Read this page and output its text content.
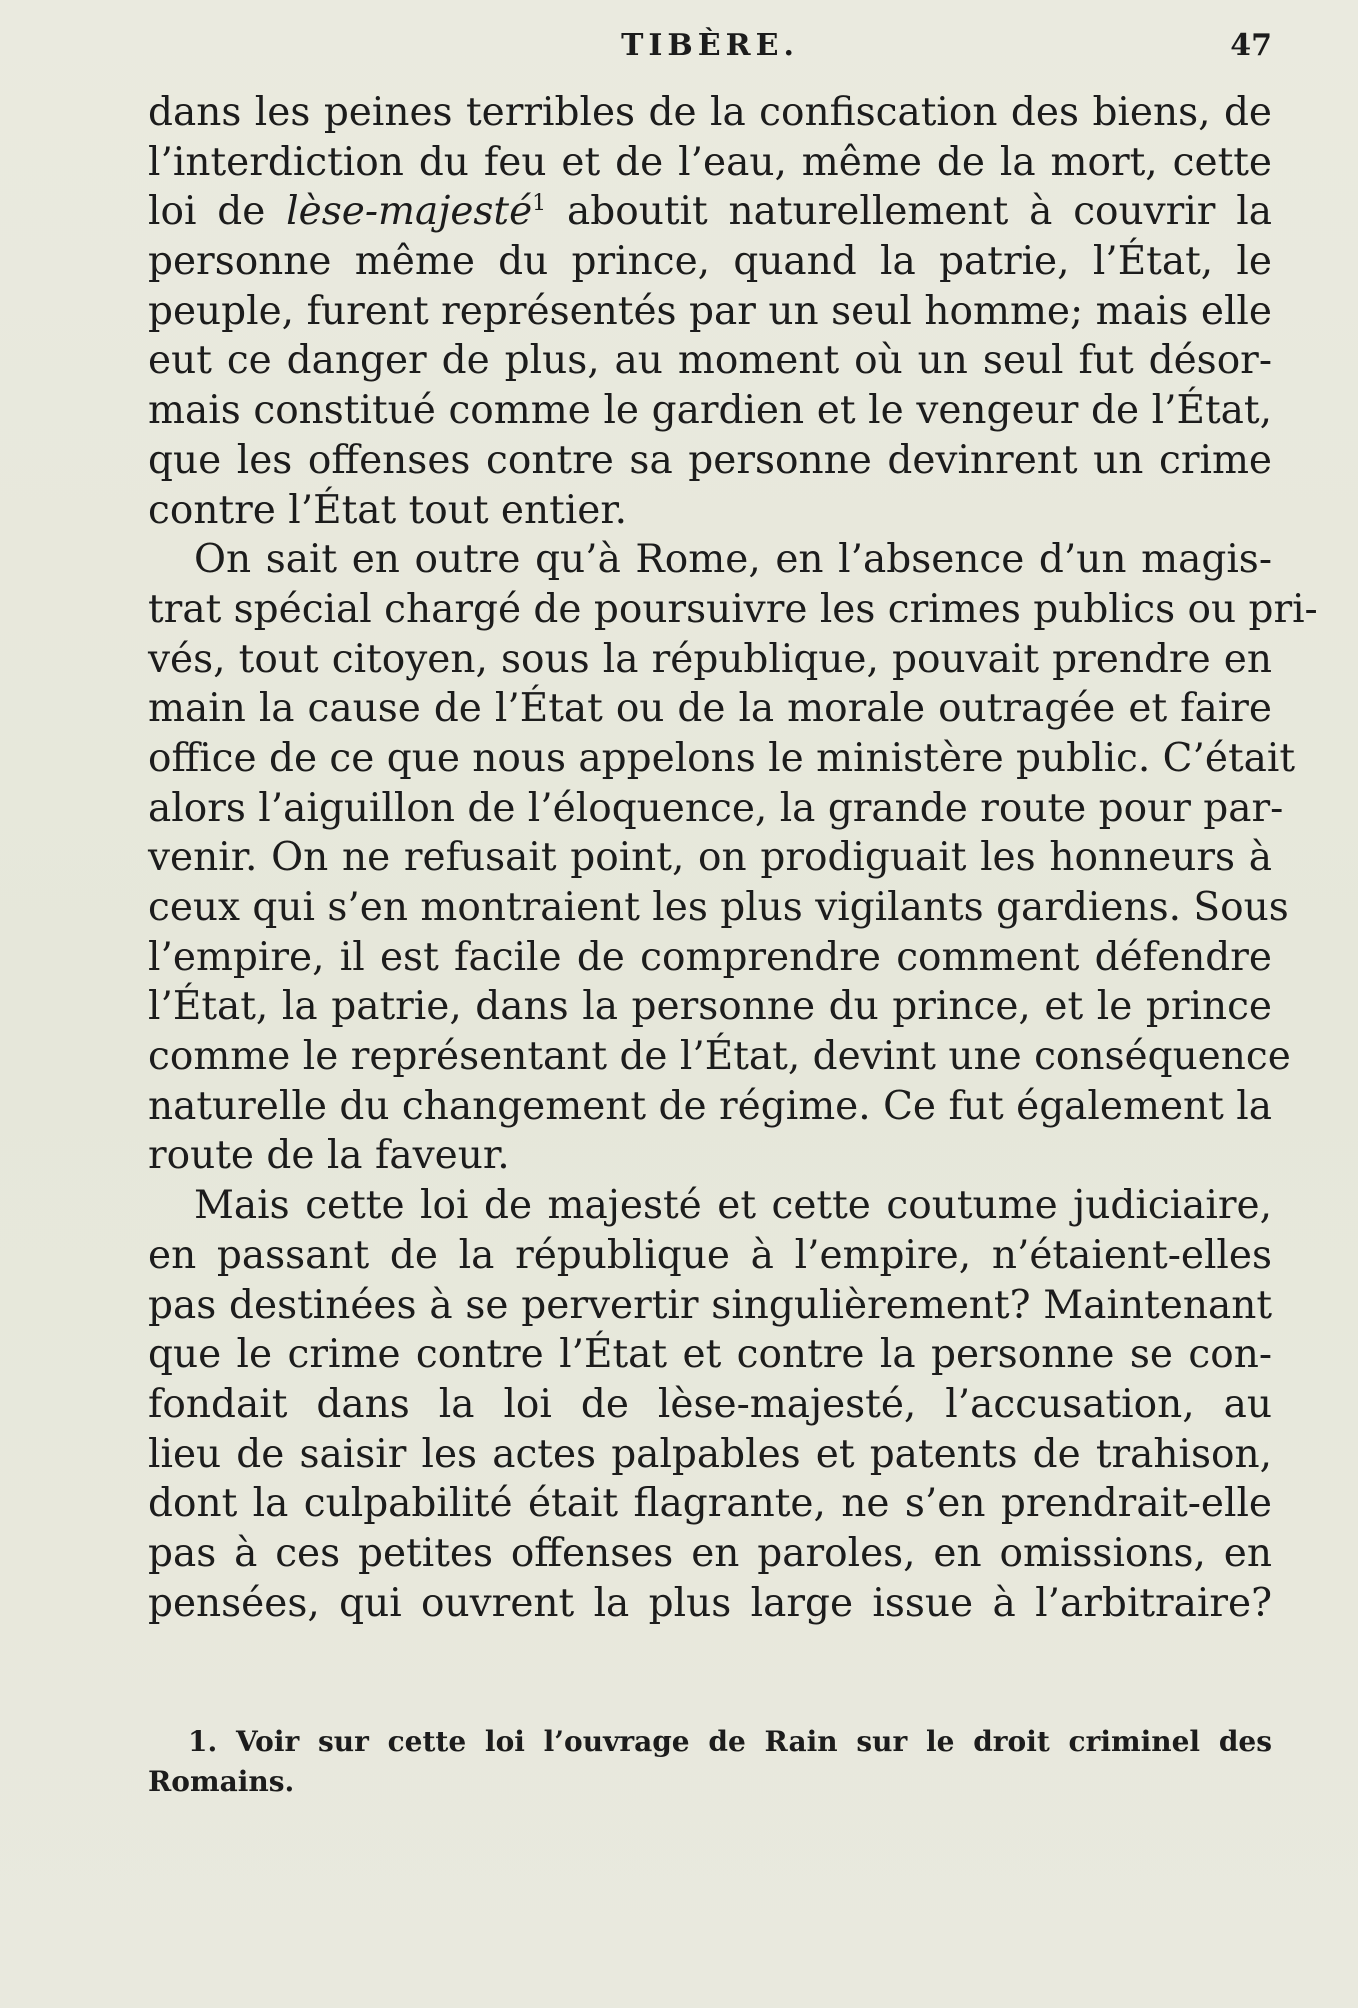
TIBÈRE.	47
dans les peines terribles de la confiscation des biens, de
l’interdiction du feu et de l’eau, même de la mort, cette
loi de lèse-majesté$^1$ aboutit naturellement à couvrir la
personne même du prince, quand la patrie, l’État, le
peuple, furent représentés par un seul homme; mais elle
eut ce danger de plus, au moment où un seul fut désor-
mais constitué comme le gardien et le vengeur de l’État,
que les offenses contre sa personne devinrent un crime
contre l’État tout entier.
On sait en outre qu’à Rome, en l’absence d’un magis-
trat spécial chargé de poursuivre les crimes publics ou pri-
vés, tout citoyen, sous la république, pouvait prendre en
main la cause de l’État ou de la morale outragée et faire
office de ce que nous appelons le ministère public. C’était
alors l’aiguillon de l’éloquence, la grande route pour par-
venir. On ne refusait point, on prodiguait les honneurs à
ceux qui s’en montraient les plus vigilants gardiens. Sous
l’empire, il est facile de comprendre comment défendre
l’État, la patrie, dans la personne du prince, et le prince
comme le représentant de l’État, devint une conséquence
naturelle du changement de régime. Ce fut également la
route de la faveur.
Mais cette loi de majesté et cette coutume judiciaire,
en passant de la république à l’empire, n’étaient-elles
pas destinées à se pervertir singulièrement? Maintenant
que le crime contre l’État et contre la personne se con-
fondait dans la loi de lèse-majesté, l’accusation, au
lieu de saisir les actes palpables et patents de trahison,
dont la culpabilité était flagrante, ne s’en prendrait-elle
pas à ces petites offenses en paroles, en omissions, en
pensées, qui ouvrent la plus large issue à l’arbitraire?
1. Voir sur cette loi l’ouvrage de Rain sur le droit criminel des
Romains.
